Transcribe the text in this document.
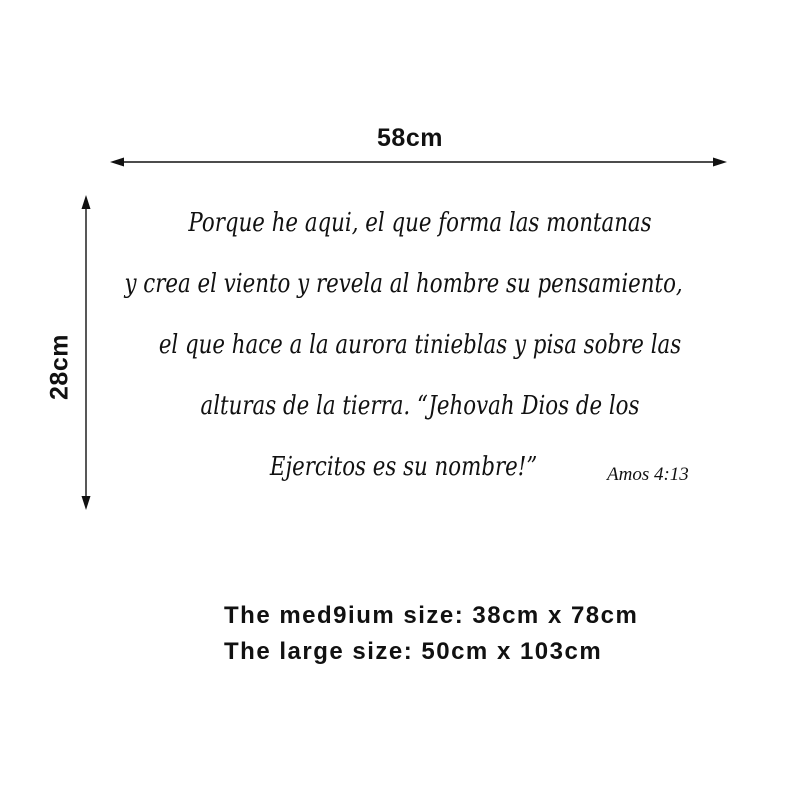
58cm
28cm
Porque he aqui, el que forma las montanas
y crea el viento y revela al hombre su pensamiento,
el que hace a la aurora tinieblas y pisa sobre las
alturas de la tierra. “Jehovah Dios de los
Ejercitos es su nombre!”	Amos 4:13
The med9ium size: 38cm x 78cm
The large size: 50cm x 103cm
